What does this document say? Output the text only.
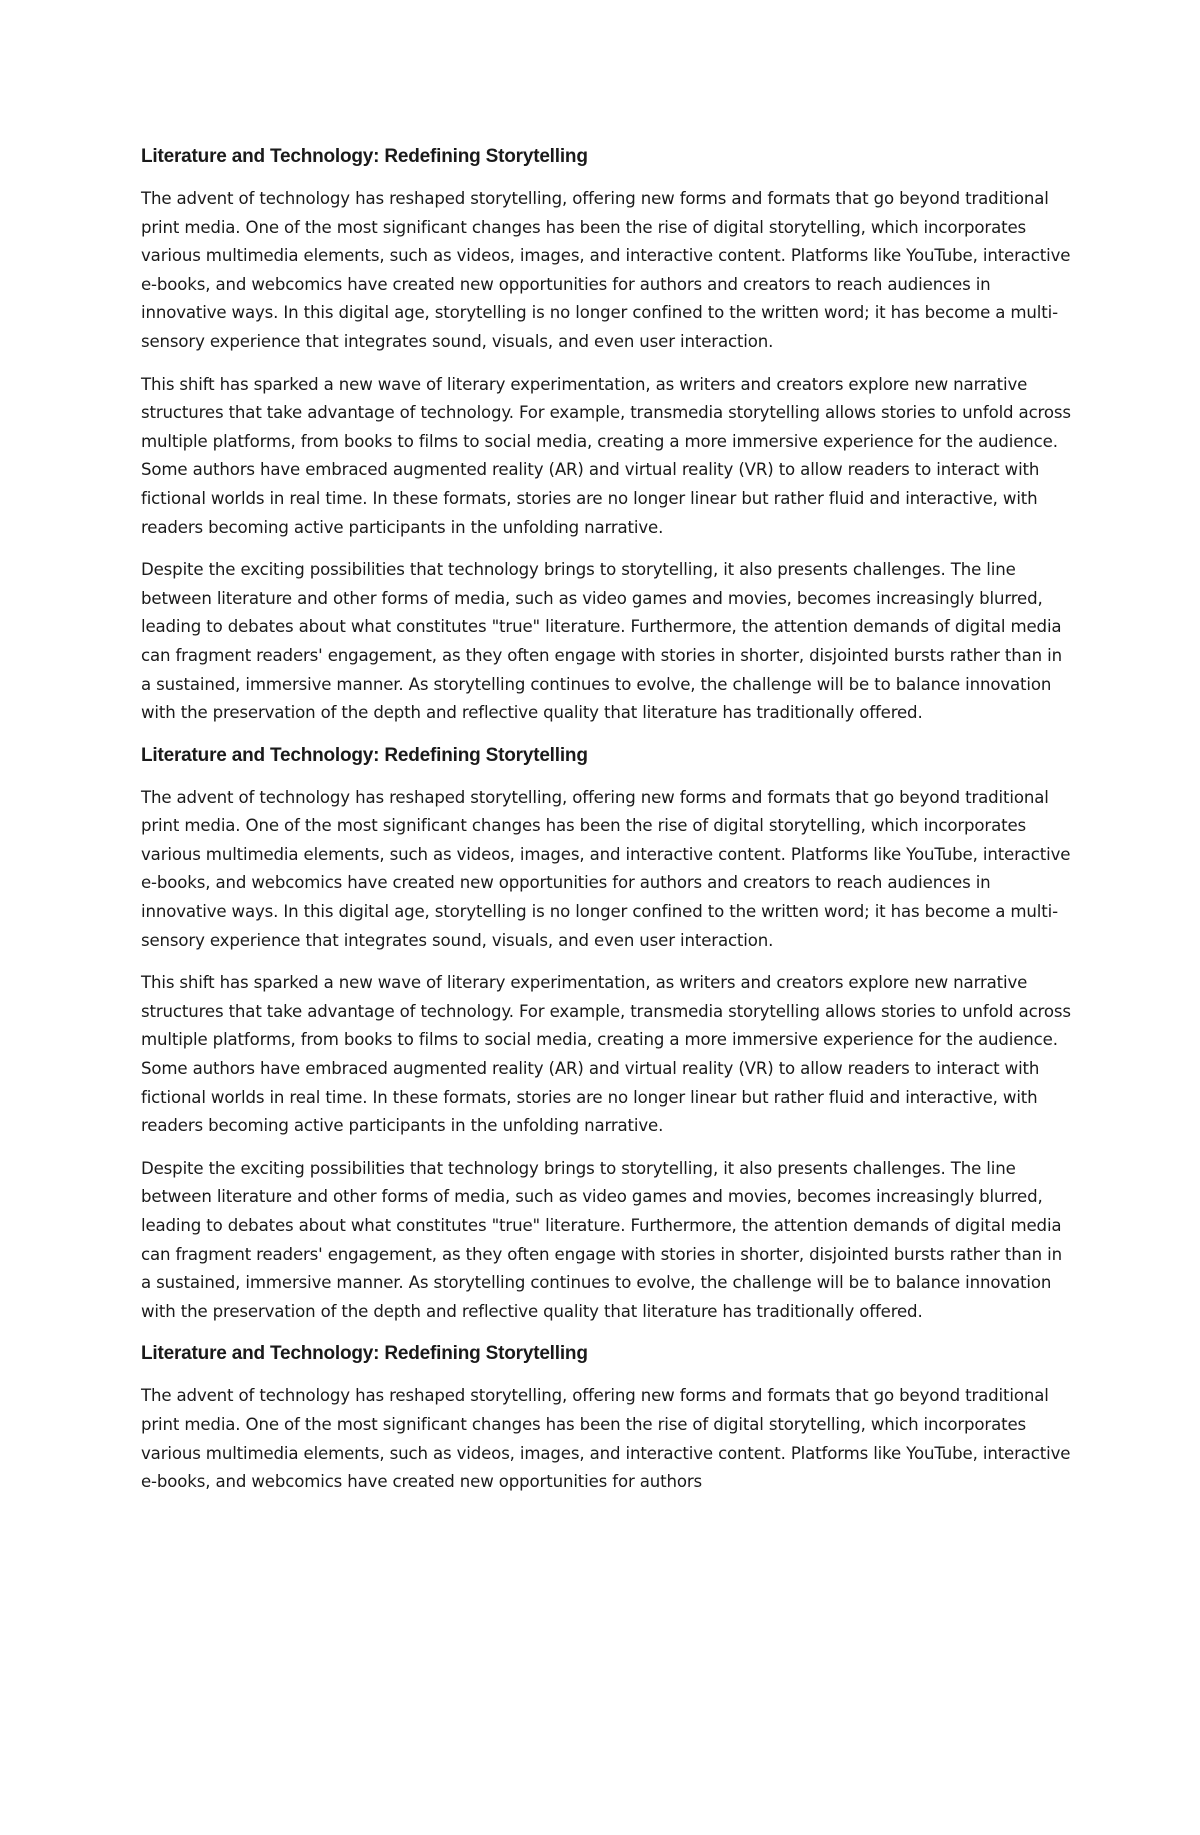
Literature and Technology: Redefining Storytelling

The advent of technology has reshaped storytelling, offering new forms and formats that go beyond traditional print media. One of the most significant changes has been the rise of digital storytelling, which incorporates various multimedia elements, such as videos, images, and interactive content. Platforms like YouTube, interactive e-books, and webcomics have created new opportunities for authors and creators to reach audiences in innovative ways. In this digital age, storytelling is no longer confined to the written word; it has become a multi-sensory experience that integrates sound, visuals, and even user interaction.

This shift has sparked a new wave of literary experimentation, as writers and creators explore new narrative structures that take advantage of technology. For example, transmedia storytelling allows stories to unfold across multiple platforms, from books to films to social media, creating a more immersive experience for the audience. Some authors have embraced augmented reality (AR) and virtual reality (VR) to allow readers to interact with fictional worlds in real time. In these formats, stories are no longer linear but rather fluid and interactive, with readers becoming active participants in the unfolding narrative.

Despite the exciting possibilities that technology brings to storytelling, it also presents challenges. The line between literature and other forms of media, such as video games and movies, becomes increasingly blurred, leading to debates about what constitutes "true" literature. Furthermore, the attention demands of digital media can fragment readers' engagement, as they often engage with stories in shorter, disjointed bursts rather than in a sustained, immersive manner. As storytelling continues to evolve, the challenge will be to balance innovation with the preservation of the depth and reflective quality that literature has traditionally offered.

Literature and Technology: Redefining Storytelling

The advent of technology has reshaped storytelling, offering new forms and formats that go beyond traditional print media. One of the most significant changes has been the rise of digital storytelling, which incorporates various multimedia elements, such as videos, images, and interactive content. Platforms like YouTube, interactive e-books, and webcomics have created new opportunities for authors and creators to reach audiences in innovative ways. In this digital age, storytelling is no longer confined to the written word; it has become a multi-sensory experience that integrates sound, visuals, and even user interaction.

This shift has sparked a new wave of literary experimentation, as writers and creators explore new narrative structures that take advantage of technology. For example, transmedia storytelling allows stories to unfold across multiple platforms, from books to films to social media, creating a more immersive experience for the audience. Some authors have embraced augmented reality (AR) and virtual reality (VR) to allow readers to interact with fictional worlds in real time. In these formats, stories are no longer linear but rather fluid and interactive, with readers becoming active participants in the unfolding narrative.

Despite the exciting possibilities that technology brings to storytelling, it also presents challenges. The line between literature and other forms of media, such as video games and movies, becomes increasingly blurred, leading to debates about what constitutes "true" literature. Furthermore, the attention demands of digital media can fragment readers' engagement, as they often engage with stories in shorter, disjointed bursts rather than in a sustained, immersive manner. As storytelling continues to evolve, the challenge will be to balance innovation with the preservation of the depth and reflective quality that literature has traditionally offered.

Literature and Technology: Redefining Storytelling

The advent of technology has reshaped storytelling, offering new forms and formats that go beyond traditional print media. One of the most significant changes has been the rise of digital storytelling, which incorporates various multimedia elements, such as videos, images, and interactive content. Platforms like YouTube, interactive e-books, and webcomics have created new opportunities for authors
